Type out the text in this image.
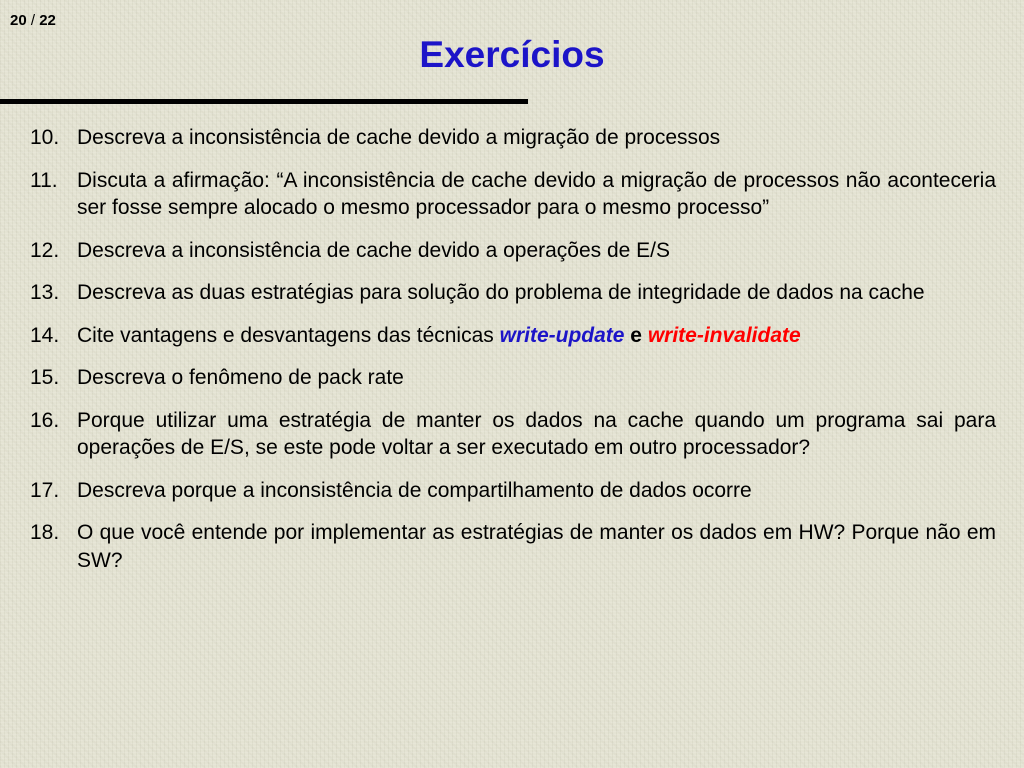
20 / 22
Exercícios
10. Descreva a inconsistência de cache devido a migração de processos
11. Discuta a afirmação: “A inconsistência de cache devido a migração de processos não aconteceria ser fosse sempre alocado o mesmo processador para o mesmo processo”
12. Descreva a inconsistência de cache devido a operações de E/S
13. Descreva as duas estratégias para solução do problema de integridade de dados na cache
14. Cite vantagens e desvantagens das técnicas write-update e write-invalidate
15. Descreva o fenômeno de pack rate
16. Porque utilizar uma estratégia de manter os dados na cache quando um programa sai para operações de E/S, se este pode voltar a ser executado em outro processador?
17. Descreva porque a inconsistência de compartilhamento de dados ocorre
18. O que você entende por implementar as estratégias de manter os dados em HW? Porque não em SW?
